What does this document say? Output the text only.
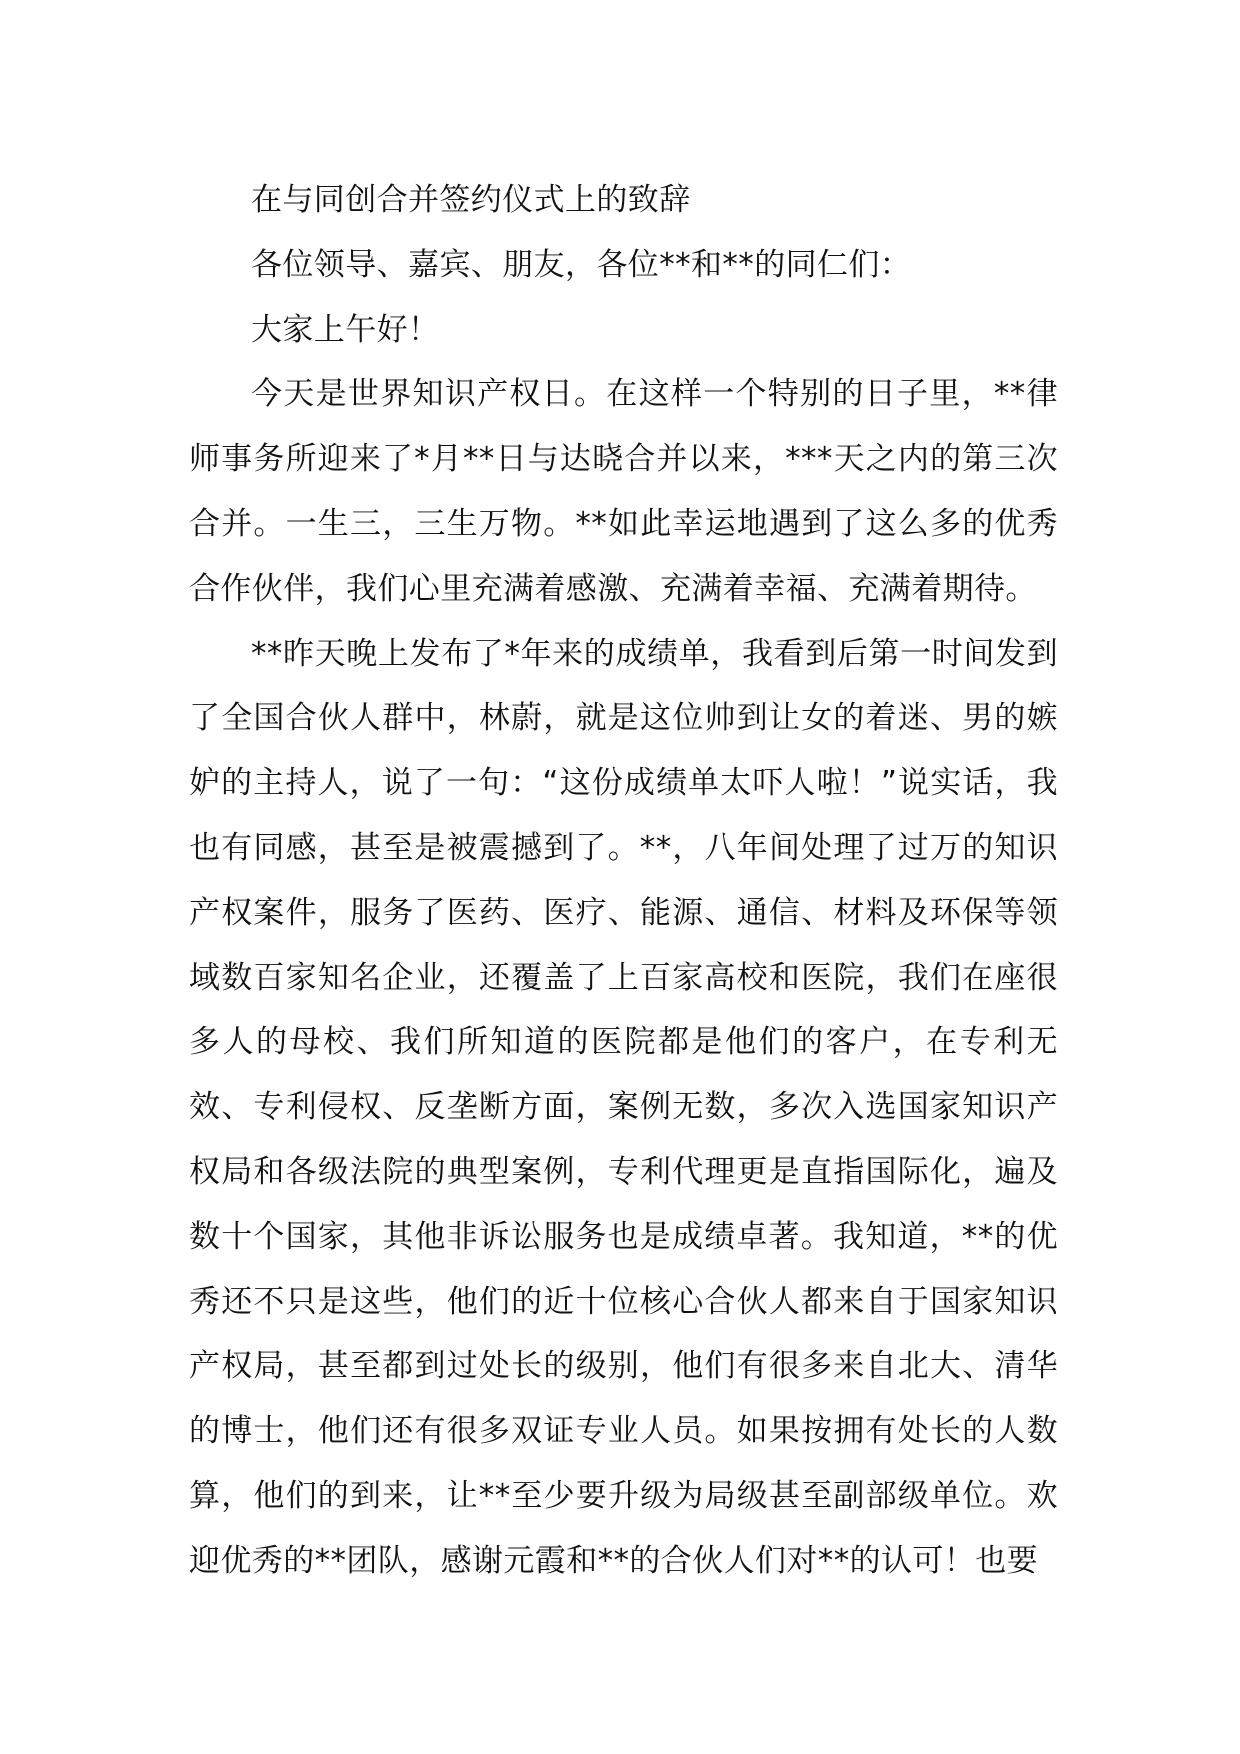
在与同创合并签约仪式上的致辞

各位领导、嘉宾、朋友，各位**和**的同仁们：

大家上午好！

今天是世界知识产权日。在这样一个特别的日子里，**律师事务所迎来了*月**日与达晓合并以来，***天之内的第三次合并。一生三，三生万物。**如此幸运地遇到了这么多的优秀合作伙伴，我们心里充满着感激、充满着幸福、充满着期待。

**昨天晚上发布了*年来的成绩单，我看到后第一时间发到了全国合伙人群中，林蔚，就是这位帅到让女的着迷、男的嫉妒的主持人，说了一句：“这份成绩单太吓人啦！”说实话，我也有同感，甚至是被震撼到了。**，八年间处理了过万的知识产权案件，服务了医药、医疗、能源、通信、材料及环保等领域数百家知名企业，还覆盖了上百家高校和医院，我们在座很多人的母校、我们所知道的医院都是他们的客户，在专利无效、专利侵权、反垄断方面，案例无数，多次入选国家知识产权局和各级法院的典型案例，专利代理更是直指国际化，遍及数十个国家，其他非诉讼服务也是成绩卓著。我知道，**的优秀还不只是这些，他们的近十位核心合伙人都来自于国家知识产权局，甚至都到过处长的级别，他们有很多来自北大、清华的博士，他们还有很多双证专业人员。如果按拥有处长的人数算，他们的到来，让**至少要升级为局级甚至副部级单位。欢迎优秀的**团队，感谢元霞和**的合伙人们对**的认可！也要
